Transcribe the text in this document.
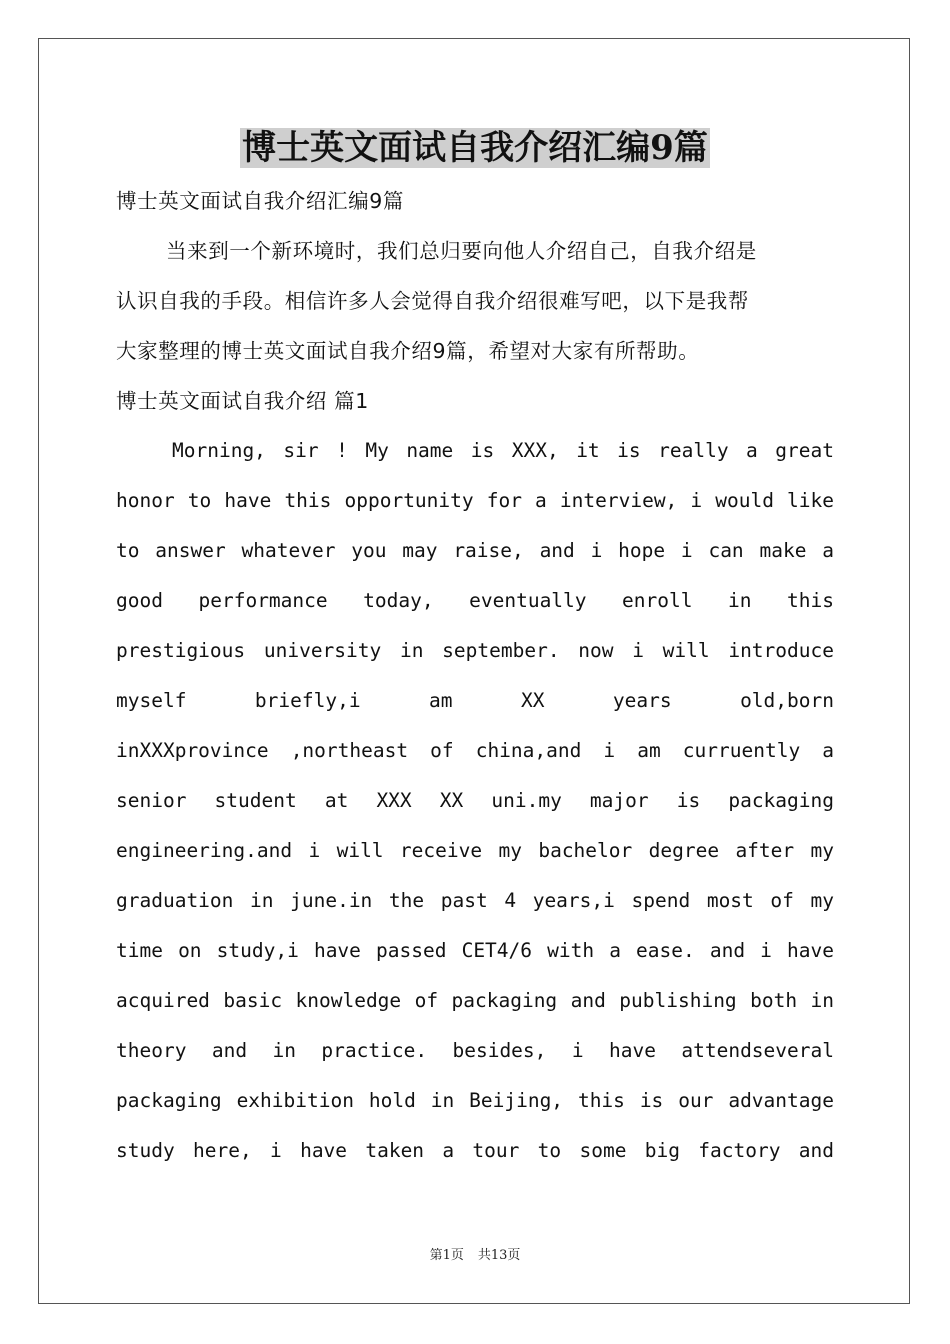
博士英文面试自我介绍汇编9篇

博士英文面试自我介绍汇编9篇

当来到一个新环境时，我们总归要向他人介绍自己，自我介绍是

认识自我的手段。相信许多人会觉得自我介绍很难写吧，以下是我帮

大家整理的博士英文面试自我介绍9篇，希望对大家有所帮助。

博士英文面试自我介绍 篇1

Morning, sir ! My name is XXX, it is really a great

honor to have this opportunity for a interview, i would like

to answer whatever you may raise, and i hope i can make a

good performance today, eventually enroll in this

prestigious university in september. now i will introduce

myself briefly,i am XX years old,born

inXXXprovince ,northeast of china,and i am curruently a

senior student at XXX XX uni.my major is packaging

engineering.and i will receive my bachelor degree after my

graduation in june.in the past 4 years,i spend most of my

time on study,i have passed CET4/6 with a ease. and i have

acquired basic knowledge of packaging and publishing both in

theory and in practice. besides, i have attendseveral

packaging exhibition hold in Beijing, this is our advantage

study here, i have taken a tour to some big factory and

第1页 共13页
